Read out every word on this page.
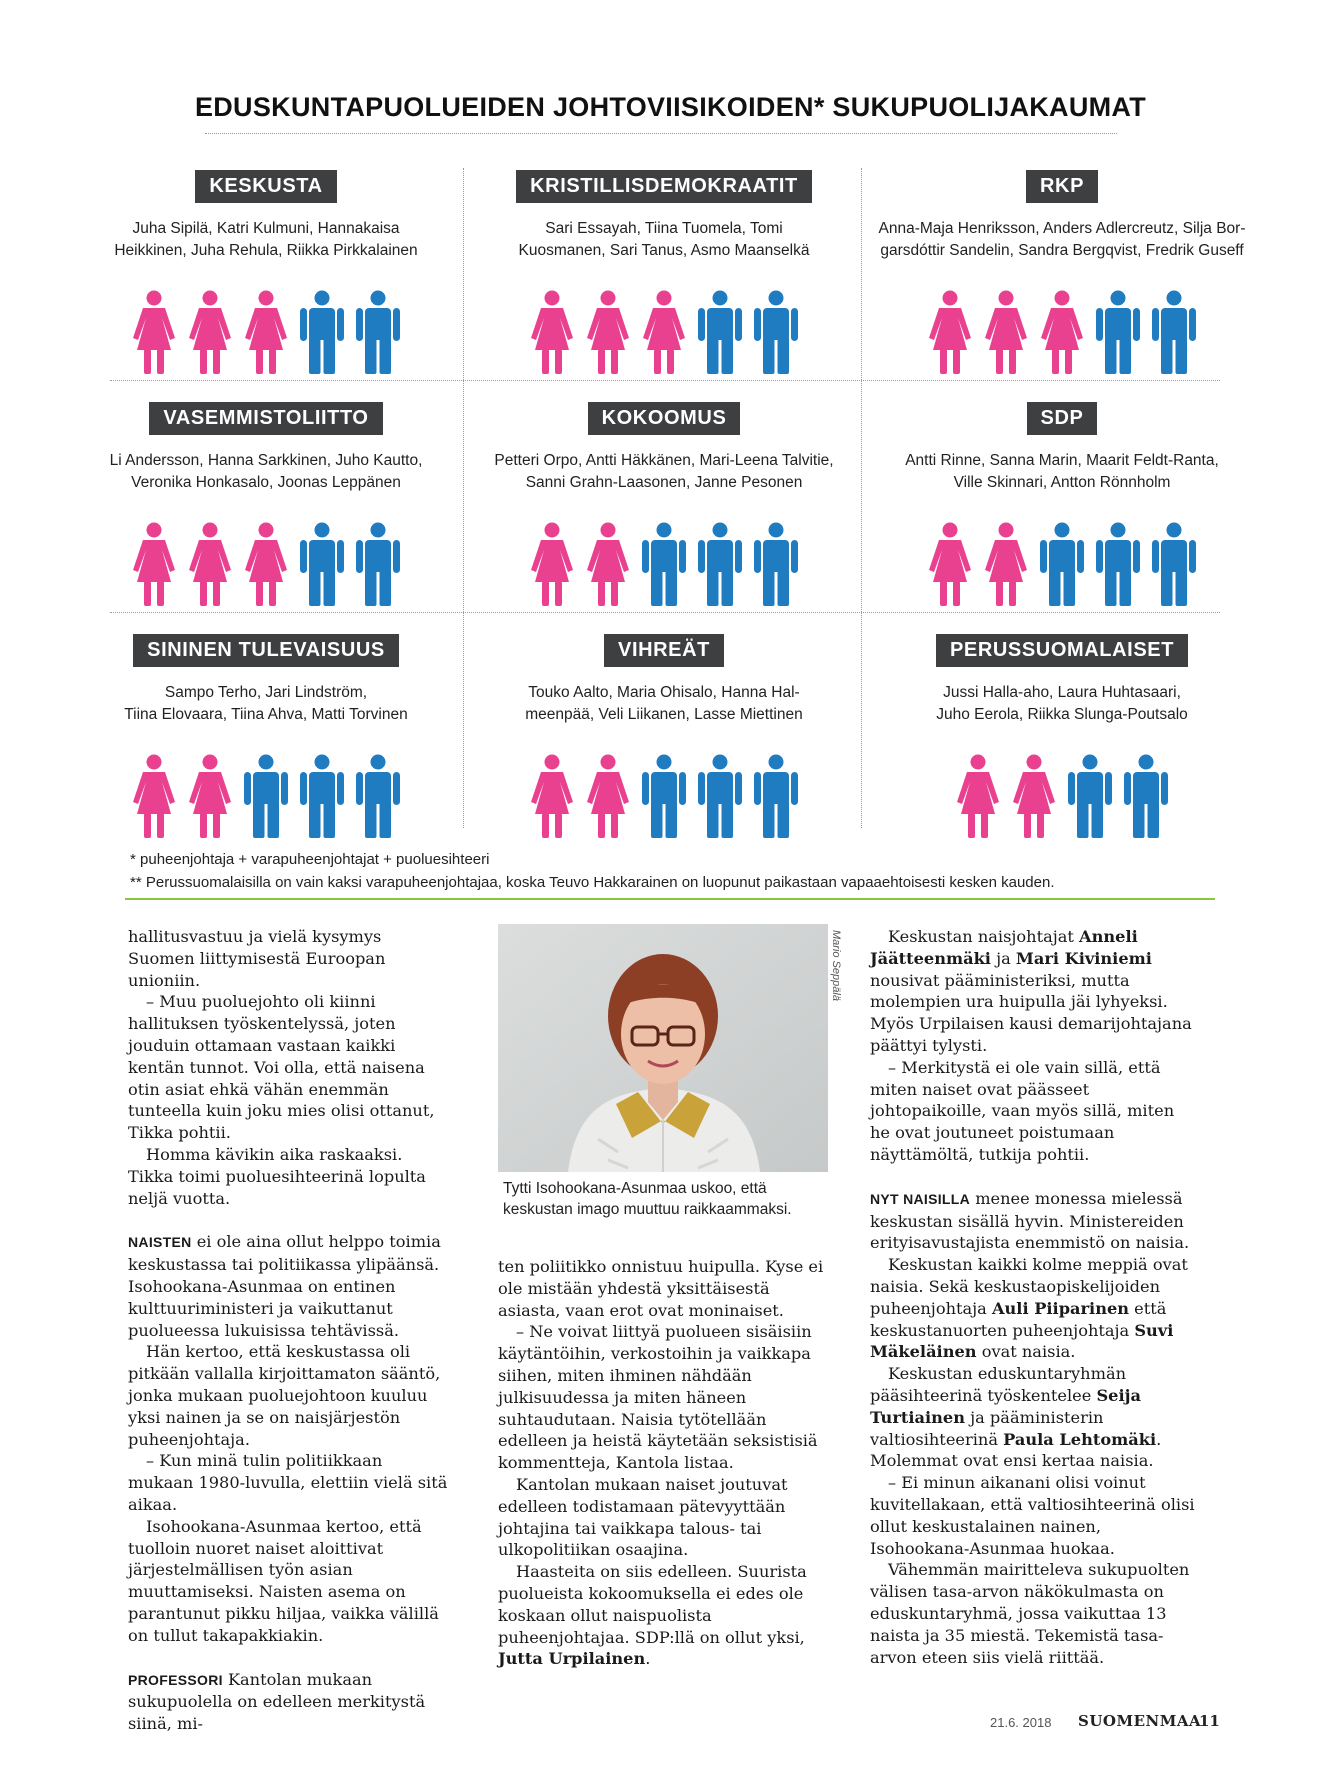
EDUSKUNTAPUOLUEIDEN JOHTOVIISIKOIDEN* SUKUPUOLIJAKAUMAT
KESKUSTA
Juha Sipilä, Katri Kulmuni, Hannakaisa
Heikkinen, Juha Rehula, Riikka Pirkkalainen
KRISTILLISDEMOKRAATIT
Sari Essayah, Tiina Tuomela, Tomi
Kuosmanen, Sari Tanus, Asmo Maanselkä
RKP
Anna-Maja Henriksson, Anders Adlercreutz, Silja Bor-
garsdóttir Sandelin, Sandra Bergqvist, Fredrik Guseff
VASEMMISTOLIITTO
Li Andersson, Hanna Sarkkinen, Juho Kautto,
Veronika Honkasalo, Joonas Leppänen
KOKOOMUS
Petteri Orpo, Antti Häkkänen, Mari-Leena Talvitie,
Sanni Grahn-Laasonen, Janne Pesonen
SDP
Antti Rinne, Sanna Marin, Maarit Feldt-Ranta,
Ville Skinnari, Antton Rönnholm
SININEN TULEVAISUUS
Sampo Terho, Jari Lindström,
Tiina Elovaara, Tiina Ahva, Matti Torvinen
VIHREÄT
Touko Aalto, Maria Ohisalo, Hanna Hal-
meenpää, Veli Liikanen, Lasse Miettinen
PERUSSUOMALAISET
Jussi Halla-aho, Laura Huhtasaari,
Juho Eerola, Riikka Slunga-Poutsalo
* puheenjohtaja + varapuheenjohtajat + puoluesihteeri
** Perussuomalaisilla on vain kaksi varapuheenjohtajaa, koska Teuvo Hakkarainen on luopunut paikastaan vapaaehtoisesti kesken kauden.

hallitusvastuu ja vielä kysymys Suomen liittymisestä Euroopan unioniin.

– Muu puoluejohto oli kiinni hallituksen työskentelyssä, joten jouduin ottamaan vastaan kaikki kentän tunnot. Voi olla, että naisena otin asiat ehkä vähän enemmän tunteella kuin joku mies olisi ottanut, Tikka pohtii.

Homma kävikin aika raskaaksi. Tikka toimi puoluesihteerinä lopulta neljä vuotta.

NAISTEN ei ole aina ollut helppo toimia keskustassa tai politiikassa ylipäänsä. Isohookana-Asunmaa on entinen kulttuuriministeri ja vaikuttanut puolueessa lukuisissa tehtävissä.

Hän kertoo, että keskustassa oli pitkään vallalla kirjoittamaton sääntö, jonka mukaan puoluejohtoon kuuluu yksi nainen ja se on naisjärjestön puheenjohtaja.

– Kun minä tulin politiikkaan mukaan 1980-luvulla, elettiin vielä sitä aikaa.

Isohookana-Asunmaa kertoo, että tuolloin nuoret naiset aloittivat järjestelmällisen työn asian muuttamiseksi. Naisten asema on parantunut pikku hiljaa, vaikka välillä on tullut takapakkiakin.

PROFESSORI Kantolan mukaan sukupuolella on edelleen merkitystä siinä, mi-

Mario Seppälä
Tytti Isohookana-Asunmaa uskoo, että keskustan imago muuttuu raikkaammaksi.

ten poliitikko onnistuu huipulla. Kyse ei ole mistään yhdestä yksittäisestä asiasta, vaan erot ovat moninaiset.

– Ne voivat liittyä puolueen sisäisiin käytäntöihin, verkostoihin ja vaikkapa siihen, miten ihminen nähdään julkisuudessa ja miten häneen suhtaudutaan. Naisia tytötellään edelleen ja heistä käytetään seksistisiä kommentteja, Kantola listaa.

Kantolan mukaan naiset joutuvat edelleen todistamaan pätevyyttään johtajina tai vaikkapa talous- tai ulkopolitiikan osaajina.

Haasteita on siis edelleen. Suurista puolueista kokoomuksella ei edes ole koskaan ollut naispuolista puheenjohtajaa. SDP:llä on ollut yksi, Jutta Urpilainen.

Keskustan naisjohtajat Anneli Jäätteenmäki ja Mari Kiviniemi nousivat pääministeriksi, mutta molempien ura huipulla jäi lyhyeksi. Myös Urpilaisen kausi demarijohtajana päättyi tylysti.

– Merkitystä ei ole vain sillä, että miten naiset ovat päässeet johtopaikoille, vaan myös sillä, miten he ovat joutuneet poistumaan näyttämöltä, tutkija pohtii.

NYT NAISILLA menee monessa mielessä keskustan sisällä hyvin. Ministereiden erityisavustajista enemmistö on naisia.

Keskustan kaikki kolme meppiä ovat naisia. Sekä keskustaopiskelijoiden puheenjohtaja Auli Piiparinen että keskustanuorten puheenjohtaja Suvi Mäkeläinen ovat naisia.

Keskustan eduskuntaryhmän pääsihteerinä työskentelee Seija Turtiainen ja pääministerin valtiosihteerinä Paula Lehtomäki. Molemmat ovat ensi kertaa naisia.

– Ei minun aikanani olisi voinut kuvitellakaan, että valtiosihteerinä olisi ollut keskustalainen nainen, Isohookana-Asunmaa huokaa.

Vähemmän mairitteleva sukupuolten välisen tasa-arvon näkökulmasta on eduskuntaryhmä, jossa vaikuttaa 13 naista ja 35 miestä. Tekemistä tasa-arvon eteen siis vielä riittää.

21.6. 2018 SUOMENMAA
11
